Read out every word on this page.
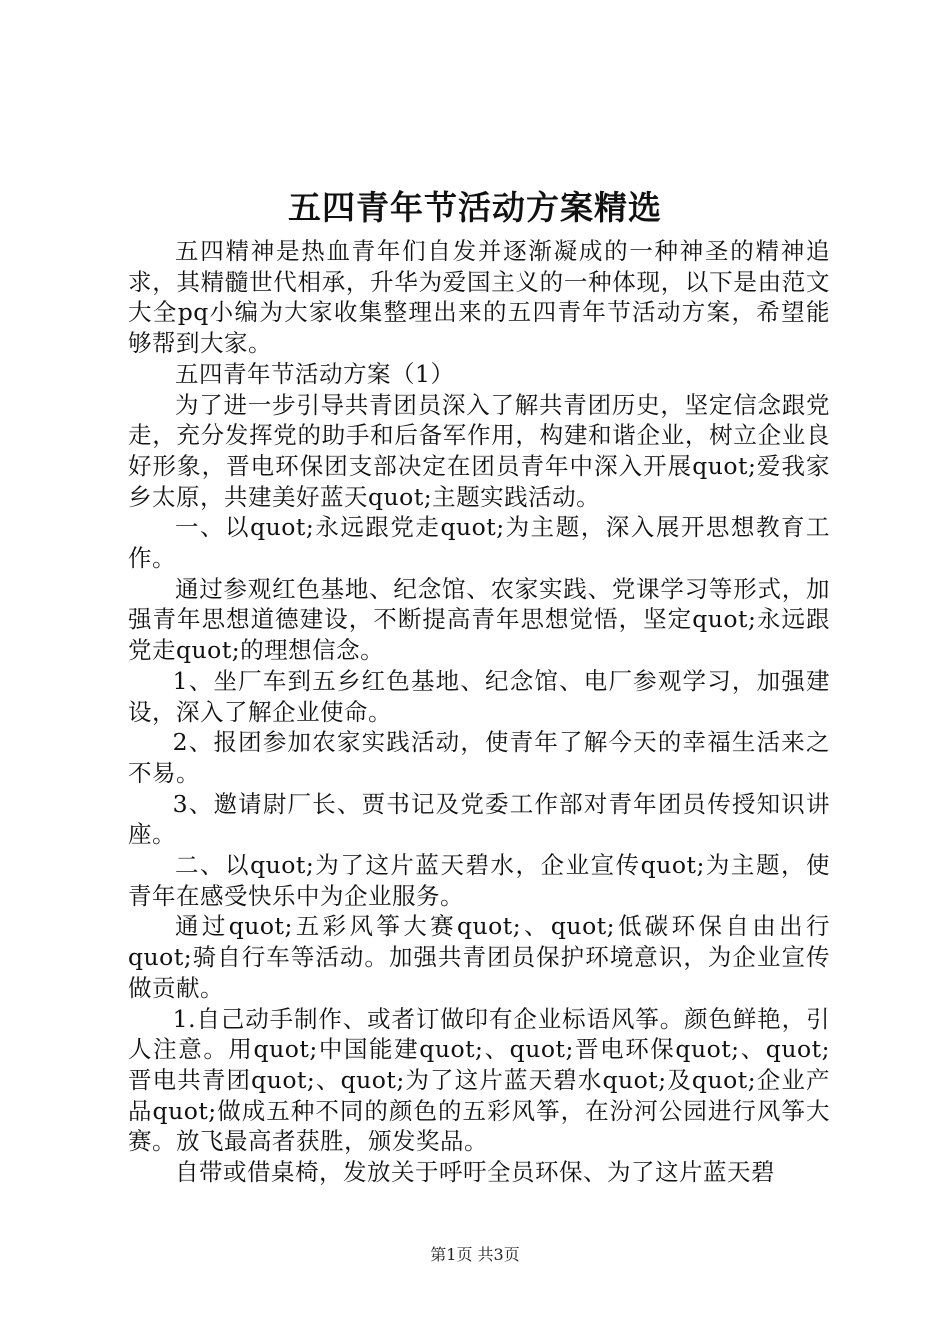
五四青年节活动方案精选

五四精神是热血青年们自发并逐渐凝成的一种神圣的精神追求，其精髓世代相承，升华为爱国主义的一种体现，以下是由范文大全pq小编为大家收集整理出来的五四青年节活动方案，希望能够帮到大家。

五四青年节活动方案（1）

为了进一步引导共青团员深入了解共青团历史，坚定信念跟党走，充分发挥党的助手和后备军作用，构建和谐企业，树立企业良好形象，晋电环保团支部决定在团员青年中深入开展quot;爱我家乡太原，共建美好蓝天quot;主题实践活动。

一、以quot;永远跟党走quot;为主题，深入展开思想教育工作。

通过参观红色基地、纪念馆、农家实践、党课学习等形式，加强青年思想道德建设，不断提高青年思想觉悟，坚定quot;永远跟党走quot;的理想信念。

1、坐厂车到五乡红色基地、纪念馆、电厂参观学习，加强建设，深入了解企业使命。

2、报团参加农家实践活动，使青年了解今天的幸福生活来之不易。

3、邀请尉厂长、贾书记及党委工作部对青年团员传授知识讲座。

二、以quot;为了这片蓝天碧水，企业宣传quot;为主题，使青年在感受快乐中为企业服务。

通过quot;五彩风筝大赛quot;、quot;低碳环保自由出行quot;骑自行车等活动。加强共青团员保护环境意识，为企业宣传做贡献。

1.自己动手制作、或者订做印有企业标语风筝。颜色鲜艳，引人注意。用quot;中国能建quot;、quot;晋电环保quot;、quot;晋电共青团quot;、quot;为了这片蓝天碧水quot;及quot;企业产品quot;做成五种不同的颜色的五彩风筝，在汾河公园进行风筝大赛。放飞最高者获胜，颁发奖品。

自带或借桌椅，发放关于呼吁全员环保、为了这片蓝天碧

第1页 共3页
